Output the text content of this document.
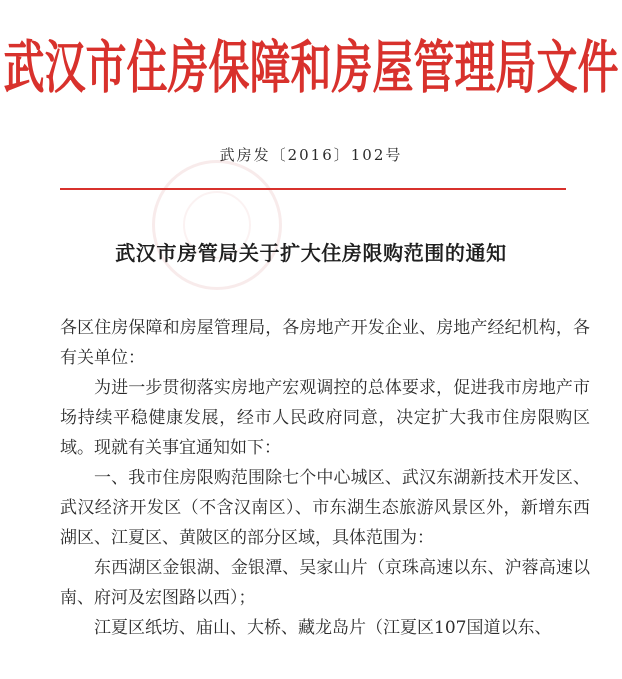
武汉市住房保障和房屋管理局文件
武房发〔2016〕102号
武汉市房管局关于扩大住房限购范围的通知

各区住房保障和房屋管理局，各房地产开发企业、房地产经纪机构，各有关单位：

为进一步贯彻落实房地产宏观调控的总体要求，促进我市房地产市场持续平稳健康发展，经市人民政府同意，决定扩大我市住房限购区域。现就有关事宜通知如下：

一、我市住房限购范围除七个中心城区、武汉东湖新技术开发区、武汉经济开发区（不含汉南区）、市东湖生态旅游风景区外，新增东西湖区、江夏区、黄陂区的部分区域，具体范围为：

东西湖区金银湖、金银潭、吴家山片（京珠高速以东、沪蓉高速以南、府河及宏图路以西）；

江夏区纸坊、庙山、大桥、藏龙岛片（江夏区107国道以东、
